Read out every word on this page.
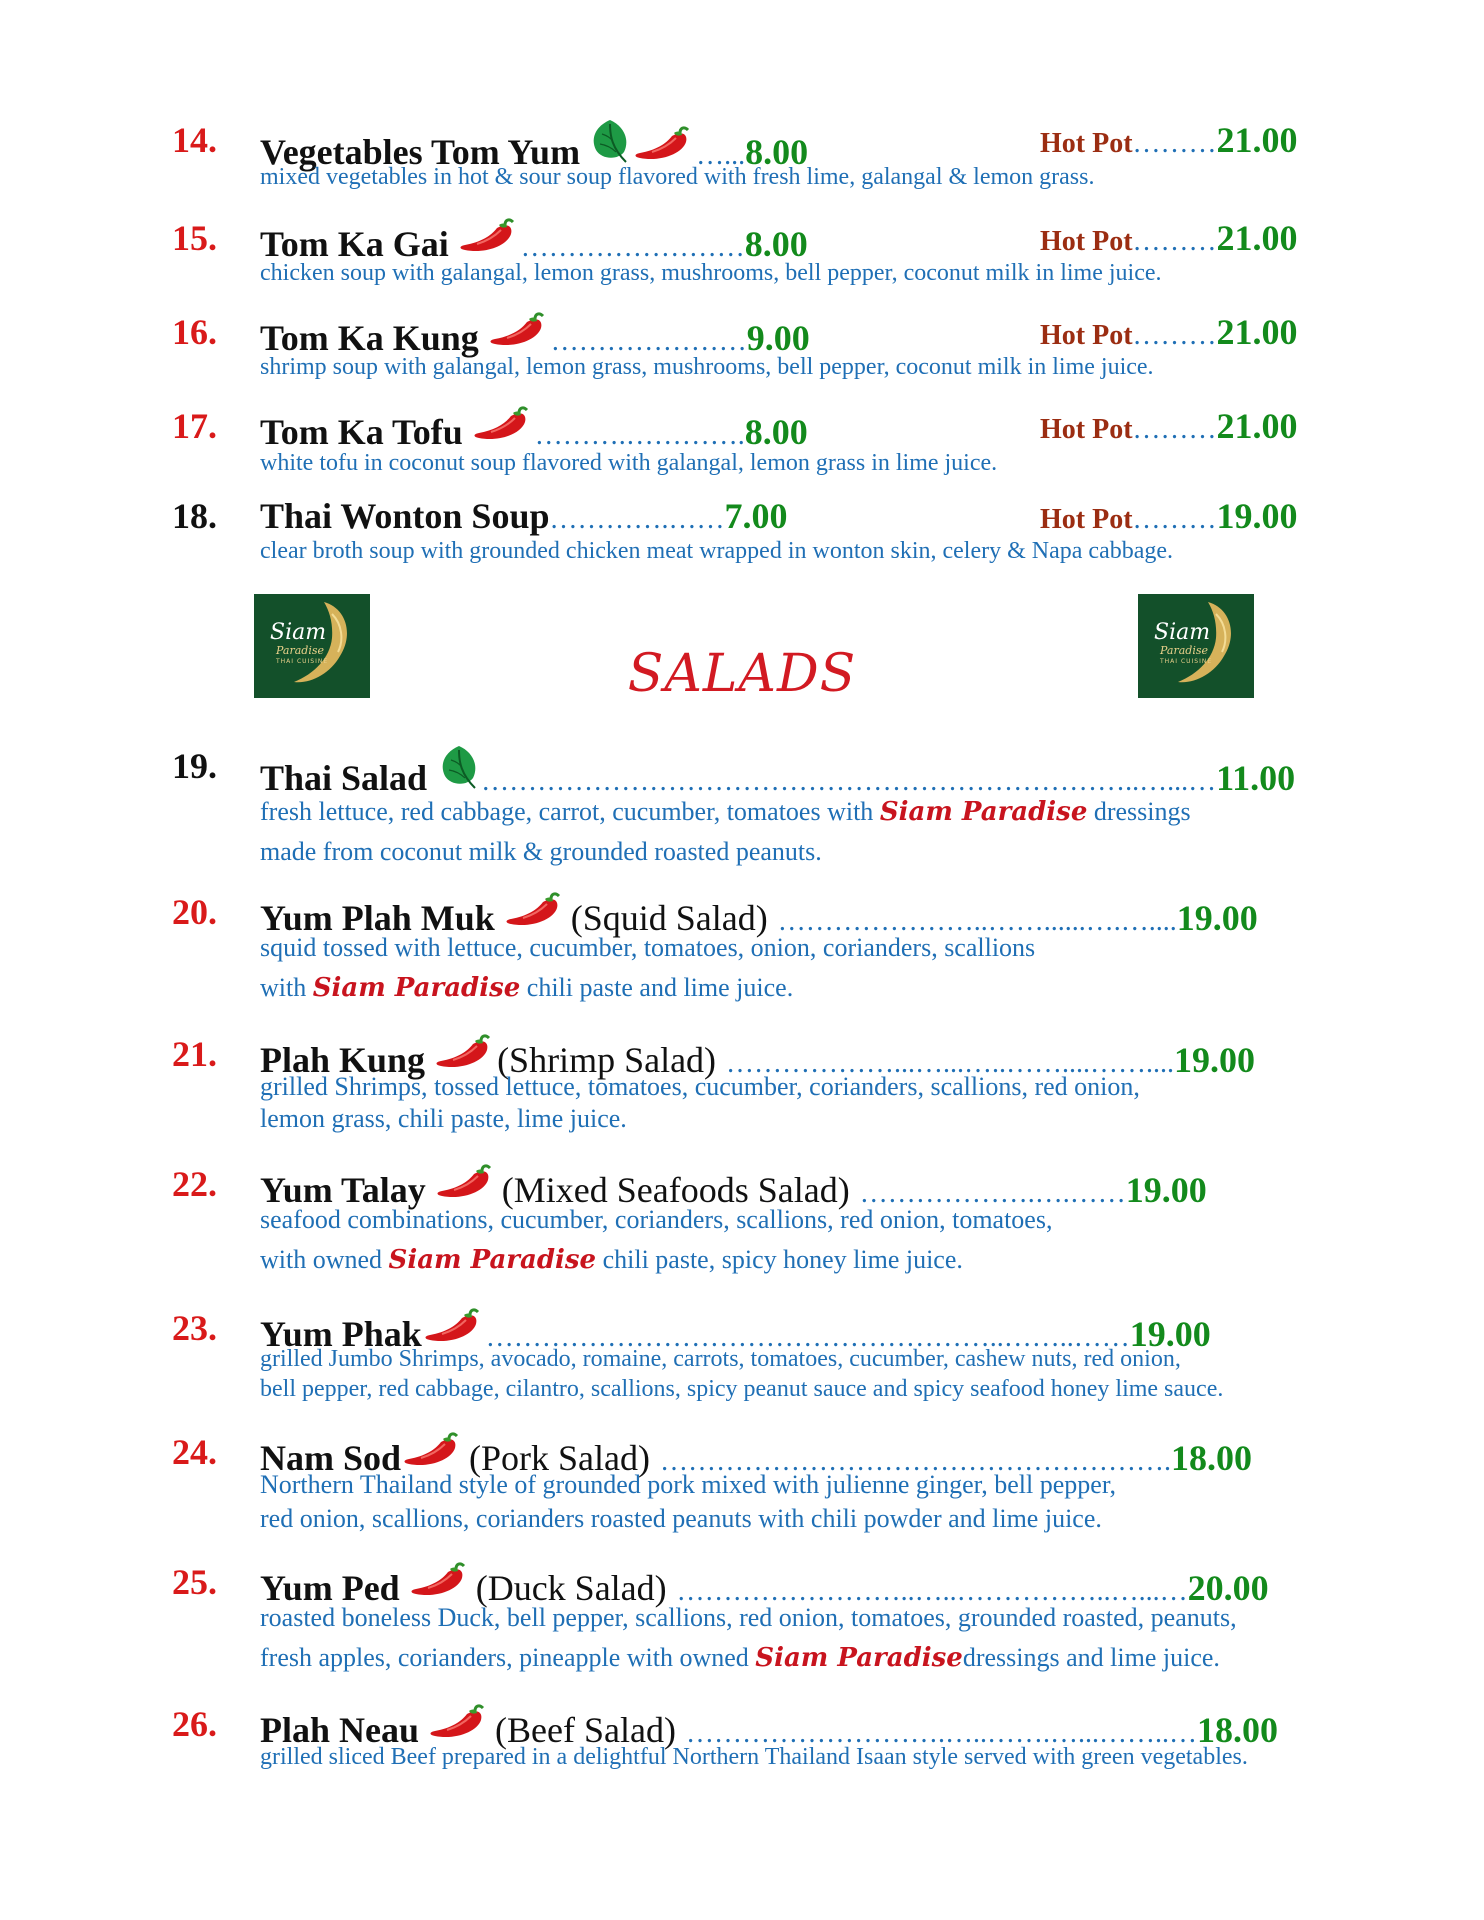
14. Vegetables Tom Yum	…... 8.00	Hot Pot ……… 21.00
mixed vegetables in hot & sour soup flavored with fresh lime, galangal & lemon grass.
15. Tom Ka Gai	…………………… 8.00	Hot Pot ……… 21.00
chicken soup with galangal, lemon grass, mushrooms, bell pepper, coconut milk in lime juice.
16. Tom Ka Kung	………………… 9.00	Hot Pot ……… 21.00
shrimp soup with galangal, lemon grass, mushrooms, bell pepper, coconut milk in lime juice.
17. Tom Ka Tofu	……….…………. 8.00	Hot Pot ……… 21.00
white tofu in coconut soup flavored with galangal, lemon grass in lime juice.
18. Thai Wonton Soup ………….…… 7.00	Hot Pot ……… 19.00
clear broth soup with grounded chicken meat wrapped in wonton skin, celery & Napa cabbage.
Siam
Paradise
THAI CUISINE
Siam
Paradise
THAI CUISINE
SALADS
19. Thai Salad ……………………………………………………………..…...… 11.00
fresh lettuce, red cabbage, carrot, cucumber, tomatoes with Siam Paradise dressings
made from coconut milk & grounded roasted peanuts.
20. Yum Plah Muk (Squid Salad) …………………..……......….….... 19.00
squid tossed with lettuce, cucumber, tomatoes, onion, corianders, scallions
with Siam Paradise chili paste and lime juice.
21. Plah Kung (Shrimp Salad) ………………...…...…..……....…….... 19.00
grilled Shrimps, tossed lettuce, tomatoes, cucumber, corianders, scallions, red onion,
lemon grass, chili paste, lime juice.
22. Yum Talay (Mixed Seafoods Salad) ……………….….…… 19.00
seafood combinations, cucumber, corianders, scallions, red onion, tomatoes,
with owned Siam Paradise chili paste, spicy honey lime juice.
23. Yum Phak ………………………………………………..……..…… 19.00
grilled Jumbo Shrimps, avocado, romaine, carrots, tomatoes, cucumber, cashew nuts, red onion,
bell pepper, red cabbage, cilantro, scallions, spicy peanut sauce and spicy seafood honey lime sauce.
24. Nam Sod (Pork Salad) ………………………………………………. 18.00
Northern Thailand style of grounded pork mixed with julienne ginger, bell pepper,
red onion, scallions, corianders roasted peanuts with chili powder and lime juice.
25. Yum Ped (Duck Salad) ……………………..…..……………..…...… 20.00
roasted boneless Duck, bell pepper, scallions, red onion, tomatoes, grounded roasted, peanuts,
fresh apples, corianders, pineapple with owned Siam Paradisedressings and lime juice.
26. Plah Neau (Beef Salad) ……………………….…..…….…...……..… 18.00
grilled sliced Beef prepared in a delightful Northern Thailand Isaan style served with green vegetables.
